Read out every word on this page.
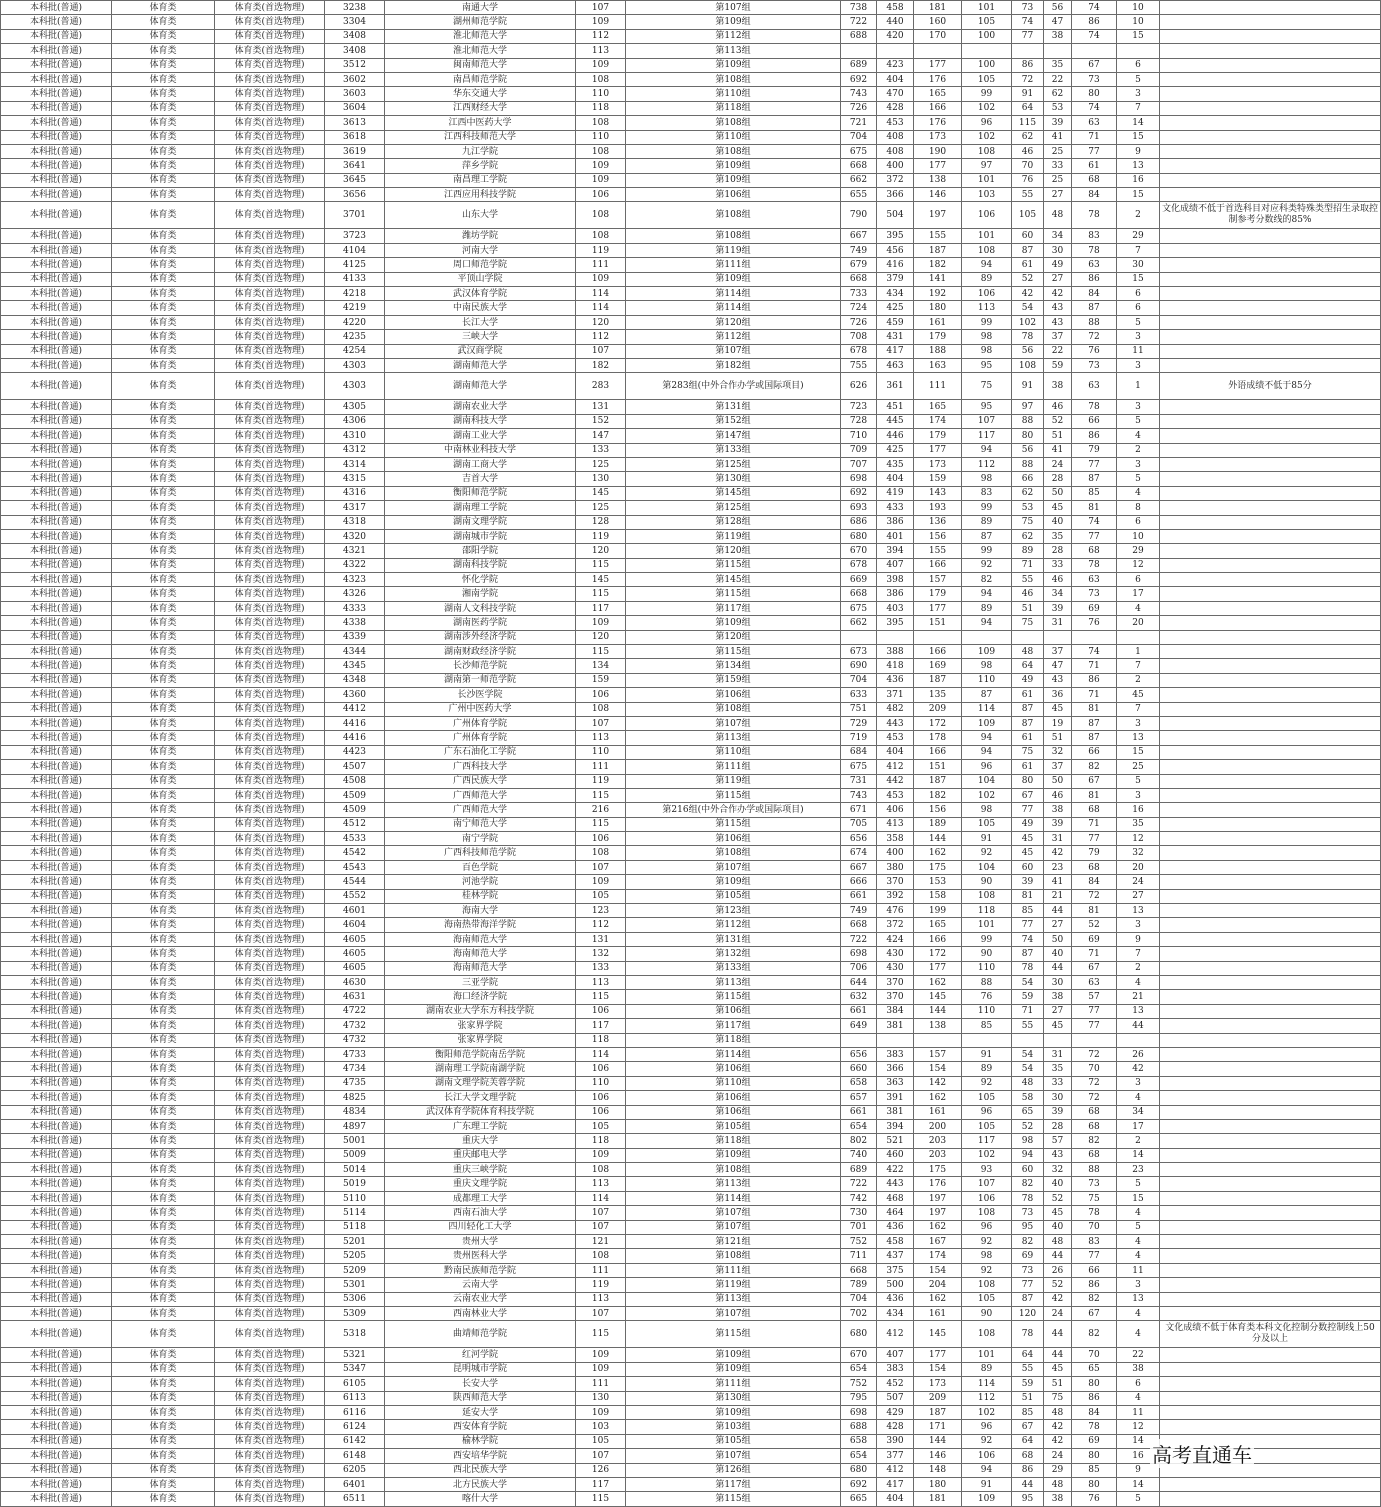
本科批(普通)	体育类	体育类(首选物理)	3238	南通大学	107	第107组	738	458	181	101	73	56	74	10	
本科批(普通)	体育类	体育类(首选物理)	3304	湖州师范学院	109	第109组	722	440	160	105	74	47	86	10	
本科批(普通)	体育类	体育类(首选物理)	3408	淮北师范大学	112	第112组	688	420	170	100	77	38	74	15	
本科批(普通)	体育类	体育类(首选物理)	3408	淮北师范大学	113	第113组									
本科批(普通)	体育类	体育类(首选物理)	3512	闽南师范大学	109	第109组	689	423	177	100	86	35	67	6	
本科批(普通)	体育类	体育类(首选物理)	3602	南昌师范学院	108	第108组	692	404	176	105	72	22	73	5	
本科批(普通)	体育类	体育类(首选物理)	3603	华东交通大学	110	第110组	743	470	165	99	91	62	80	3	
本科批(普通)	体育类	体育类(首选物理)	3604	江西财经大学	118	第118组	726	428	166	102	64	53	74	7	
本科批(普通)	体育类	体育类(首选物理)	3613	江西中医药大学	108	第108组	721	453	176	96	115	39	63	14	
本科批(普通)	体育类	体育类(首选物理)	3618	江西科技师范大学	110	第110组	704	408	173	102	62	41	71	15	
本科批(普通)	体育类	体育类(首选物理)	3619	九江学院	108	第108组	675	408	190	108	46	25	77	9	
本科批(普通)	体育类	体育类(首选物理)	3641	萍乡学院	109	第109组	668	400	177	97	70	33	61	13	
本科批(普通)	体育类	体育类(首选物理)	3645	南昌理工学院	109	第109组	662	372	138	101	76	25	68	16	
本科批(普通)	体育类	体育类(首选物理)	3656	江西应用科技学院	106	第106组	655	366	146	103	55	27	84	15	
本科批(普通)	体育类	体育类(首选物理)	3701	山东大学	108	第108组	790	504	197	106	105	48	78	2	文化成绩不低于首选科目对应科类特殊类型招生录取控制参考分数线的85%
本科批(普通)	体育类	体育类(首选物理)	3723	潍坊学院	108	第108组	667	395	155	101	60	34	83	29	
本科批(普通)	体育类	体育类(首选物理)	4104	河南大学	119	第119组	749	456	187	108	87	30	78	7	
本科批(普通)	体育类	体育类(首选物理)	4125	周口师范学院	111	第111组	679	416	182	94	61	49	63	30	
本科批(普通)	体育类	体育类(首选物理)	4133	平顶山学院	109	第109组	668	379	141	89	52	27	86	15	
本科批(普通)	体育类	体育类(首选物理)	4218	武汉体育学院	114	第114组	733	434	192	106	42	42	84	6	
本科批(普通)	体育类	体育类(首选物理)	4219	中南民族大学	114	第114组	724	425	180	113	54	43	87	6	
本科批(普通)	体育类	体育类(首选物理)	4220	长江大学	120	第120组	726	459	161	99	102	43	88	5	
本科批(普通)	体育类	体育类(首选物理)	4235	三峡大学	112	第112组	708	431	179	98	78	37	72	3	
本科批(普通)	体育类	体育类(首选物理)	4254	武汉商学院	107	第107组	678	417	188	98	56	22	76	11	
本科批(普通)	体育类	体育类(首选物理)	4303	湖南师范大学	182	第182组	755	463	163	95	108	59	73	3	
本科批(普通)	体育类	体育类(首选物理)	4303	湖南师范大学	283	第283组(中外合作办学或国际项目)	626	361	111	75	91	38	63	1	外语成绩不低于85分
本科批(普通)	体育类	体育类(首选物理)	4305	湖南农业大学	131	第131组	723	451	165	95	97	46	78	3	
本科批(普通)	体育类	体育类(首选物理)	4306	湖南科技大学	152	第152组	728	445	174	107	88	52	66	5	
本科批(普通)	体育类	体育类(首选物理)	4310	湖南工业大学	147	第147组	710	446	179	117	80	51	86	4	
本科批(普通)	体育类	体育类(首选物理)	4312	中南林业科技大学	133	第133组	709	425	177	94	56	41	79	2	
本科批(普通)	体育类	体育类(首选物理)	4314	湖南工商大学	125	第125组	707	435	173	112	88	24	77	3	
本科批(普通)	体育类	体育类(首选物理)	4315	吉首大学	130	第130组	698	404	159	98	66	28	87	5	
本科批(普通)	体育类	体育类(首选物理)	4316	衡阳师范学院	145	第145组	692	419	143	83	62	50	85	4	
本科批(普通)	体育类	体育类(首选物理)	4317	湖南理工学院	125	第125组	693	433	193	99	53	45	81	8	
本科批(普通)	体育类	体育类(首选物理)	4318	湖南文理学院	128	第128组	686	386	136	89	75	40	74	6	
本科批(普通)	体育类	体育类(首选物理)	4320	湖南城市学院	119	第119组	680	401	156	87	62	35	77	10	
本科批(普通)	体育类	体育类(首选物理)	4321	邵阳学院	120	第120组	670	394	155	99	89	28	68	29	
本科批(普通)	体育类	体育类(首选物理)	4322	湖南科技学院	115	第115组	678	407	166	92	71	33	78	12	
本科批(普通)	体育类	体育类(首选物理)	4323	怀化学院	145	第145组	669	398	157	82	55	46	63	6	
本科批(普通)	体育类	体育类(首选物理)	4326	湘南学院	115	第115组	668	386	179	94	46	34	73	17	
本科批(普通)	体育类	体育类(首选物理)	4333	湖南人文科技学院	117	第117组	675	403	177	89	51	39	69	4	
本科批(普通)	体育类	体育类(首选物理)	4338	湖南医药学院	109	第109组	662	395	151	94	75	31	76	20	
本科批(普通)	体育类	体育类(首选物理)	4339	湖南涉外经济学院	120	第120组									
本科批(普通)	体育类	体育类(首选物理)	4344	湖南财政经济学院	115	第115组	673	388	166	109	48	37	74	1	
本科批(普通)	体育类	体育类(首选物理)	4345	长沙师范学院	134	第134组	690	418	169	98	64	47	71	7	
本科批(普通)	体育类	体育类(首选物理)	4348	湖南第一师范学院	159	第159组	704	436	187	110	49	43	86	2	
本科批(普通)	体育类	体育类(首选物理)	4360	长沙医学院	106	第106组	633	371	135	87	61	36	71	45	
本科批(普通)	体育类	体育类(首选物理)	4412	广州中医药大学	108	第108组	751	482	209	114	87	45	81	7	
本科批(普通)	体育类	体育类(首选物理)	4416	广州体育学院	107	第107组	729	443	172	109	87	19	87	3	
本科批(普通)	体育类	体育类(首选物理)	4416	广州体育学院	113	第113组	719	453	178	94	61	51	87	13	
本科批(普通)	体育类	体育类(首选物理)	4423	广东石油化工学院	110	第110组	684	404	166	94	75	32	66	15	
本科批(普通)	体育类	体育类(首选物理)	4507	广西科技大学	111	第111组	675	412	151	96	61	37	82	25	
本科批(普通)	体育类	体育类(首选物理)	4508	广西民族大学	119	第119组	731	442	187	104	80	50	67	5	
本科批(普通)	体育类	体育类(首选物理)	4509	广西师范大学	115	第115组	743	453	182	102	67	46	81	3	
本科批(普通)	体育类	体育类(首选物理)	4509	广西师范大学	216	第216组(中外合作办学或国际项目)	671	406	156	98	77	38	68	16	
本科批(普通)	体育类	体育类(首选物理)	4512	南宁师范大学	115	第115组	705	413	189	105	49	39	71	35	
本科批(普通)	体育类	体育类(首选物理)	4533	南宁学院	106	第106组	656	358	144	91	45	31	77	12	
本科批(普通)	体育类	体育类(首选物理)	4542	广西科技师范学院	108	第108组	674	400	162	92	45	42	79	32	
本科批(普通)	体育类	体育类(首选物理)	4543	百色学院	107	第107组	667	380	175	104	60	23	68	20	
本科批(普通)	体育类	体育类(首选物理)	4544	河池学院	109	第109组	666	370	153	90	39	41	84	24	
本科批(普通)	体育类	体育类(首选物理)	4552	桂林学院	105	第105组	661	392	158	108	81	21	72	27	
本科批(普通)	体育类	体育类(首选物理)	4601	海南大学	123	第123组	749	476	199	118	85	44	81	13	
本科批(普通)	体育类	体育类(首选物理)	4604	海南热带海洋学院	112	第112组	668	372	165	101	77	27	52	3	
本科批(普通)	体育类	体育类(首选物理)	4605	海南师范大学	131	第131组	722	424	166	99	74	50	69	9	
本科批(普通)	体育类	体育类(首选物理)	4605	海南师范大学	132	第132组	698	430	172	90	87	40	71	7	
本科批(普通)	体育类	体育类(首选物理)	4605	海南师范大学	133	第133组	706	430	177	110	78	44	67	2	
本科批(普通)	体育类	体育类(首选物理)	4630	三亚学院	113	第113组	644	370	162	88	54	30	63	4	
本科批(普通)	体育类	体育类(首选物理)	4631	海口经济学院	115	第115组	632	370	145	76	59	38	57	21	
本科批(普通)	体育类	体育类(首选物理)	4722	湖南农业大学东方科技学院	106	第106组	661	384	144	110	71	27	77	13	
本科批(普通)	体育类	体育类(首选物理)	4732	张家界学院	117	第117组	649	381	138	85	55	45	77	44	
本科批(普通)	体育类	体育类(首选物理)	4732	张家界学院	118	第118组									
本科批(普通)	体育类	体育类(首选物理)	4733	衡阳师范学院南岳学院	114	第114组	656	383	157	91	54	31	72	26	
本科批(普通)	体育类	体育类(首选物理)	4734	湖南理工学院南湖学院	106	第106组	660	366	154	89	54	35	70	42	
本科批(普通)	体育类	体育类(首选物理)	4735	湖南文理学院芙蓉学院	110	第110组	658	363	142	92	48	33	72	3	
本科批(普通)	体育类	体育类(首选物理)	4825	长江大学文理学院	106	第106组	657	391	162	105	58	30	72	4	
本科批(普通)	体育类	体育类(首选物理)	4834	武汉体育学院体育科技学院	106	第106组	661	381	161	96	65	39	68	34	
本科批(普通)	体育类	体育类(首选物理)	4897	广东理工学院	105	第105组	654	394	200	105	52	28	68	17	
本科批(普通)	体育类	体育类(首选物理)	5001	重庆大学	118	第118组	802	521	203	117	98	57	82	2	
本科批(普通)	体育类	体育类(首选物理)	5009	重庆邮电大学	109	第109组	740	460	203	102	94	43	68	14	
本科批(普通)	体育类	体育类(首选物理)	5014	重庆三峡学院	108	第108组	689	422	175	93	60	32	88	23	
本科批(普通)	体育类	体育类(首选物理)	5019	重庆文理学院	113	第113组	722	443	176	107	82	40	73	5	
本科批(普通)	体育类	体育类(首选物理)	5110	成都理工大学	114	第114组	742	468	197	106	78	52	75	15	
本科批(普通)	体育类	体育类(首选物理)	5114	西南石油大学	107	第107组	730	464	197	108	73	45	78	4	
本科批(普通)	体育类	体育类(首选物理)	5118	四川轻化工大学	107	第107组	701	436	162	96	95	40	70	5	
本科批(普通)	体育类	体育类(首选物理)	5201	贵州大学	121	第121组	752	458	167	92	82	48	83	4	
本科批(普通)	体育类	体育类(首选物理)	5205	贵州医科大学	108	第108组	711	437	174	98	69	44	77	4	
本科批(普通)	体育类	体育类(首选物理)	5209	黔南民族师范学院	111	第111组	668	375	154	92	73	26	66	11	
本科批(普通)	体育类	体育类(首选物理)	5301	云南大学	119	第119组	789	500	204	108	77	52	86	3	
本科批(普通)	体育类	体育类(首选物理)	5306	云南农业大学	113	第113组	704	436	162	105	87	42	82	13	
本科批(普通)	体育类	体育类(首选物理)	5309	西南林业大学	107	第107组	702	434	161	90	120	24	67	4	
本科批(普通)	体育类	体育类(首选物理)	5318	曲靖师范学院	115	第115组	680	412	145	108	78	44	82	4	文化成绩不低于体育类本科文化控制分数控制线上50分及以上
本科批(普通)	体育类	体育类(首选物理)	5321	红河学院	109	第109组	670	407	177	101	64	44	70	22	
本科批(普通)	体育类	体育类(首选物理)	5347	昆明城市学院	109	第109组	654	383	154	89	55	45	65	38	
本科批(普通)	体育类	体育类(首选物理)	6105	长安大学	111	第111组	752	452	173	114	59	51	80	6	
本科批(普通)	体育类	体育类(首选物理)	6113	陕西师范大学	130	第130组	795	507	209	112	51	75	86	4	
本科批(普通)	体育类	体育类(首选物理)	6116	延安大学	109	第109组	698	429	187	102	85	48	84	11	
本科批(普通)	体育类	体育类(首选物理)	6124	西安体育学院	103	第103组	688	428	171	96	67	42	78	12	
本科批(普通)	体育类	体育类(首选物理)	6142	榆林学院	105	第105组	658	390	144	92	64	42	69	14	
本科批(普通)	体育类	体育类(首选物理)	6148	西安培华学院	107	第107组	654	377	146	106	68	24	80	16	
本科批(普通)	体育类	体育类(首选物理)	6205	西北民族大学	126	第126组	680	412	148	94	86	29	85	9	
本科批(普通)	体育类	体育类(首选物理)	6401	北方民族大学	117	第117组	692	417	180	91	44	48	80	14	
本科批(普通)	体育类	体育类(首选物理)	6511	喀什大学	115	第115组	665	404	181	109	95	38	76	5	
高考直通车
